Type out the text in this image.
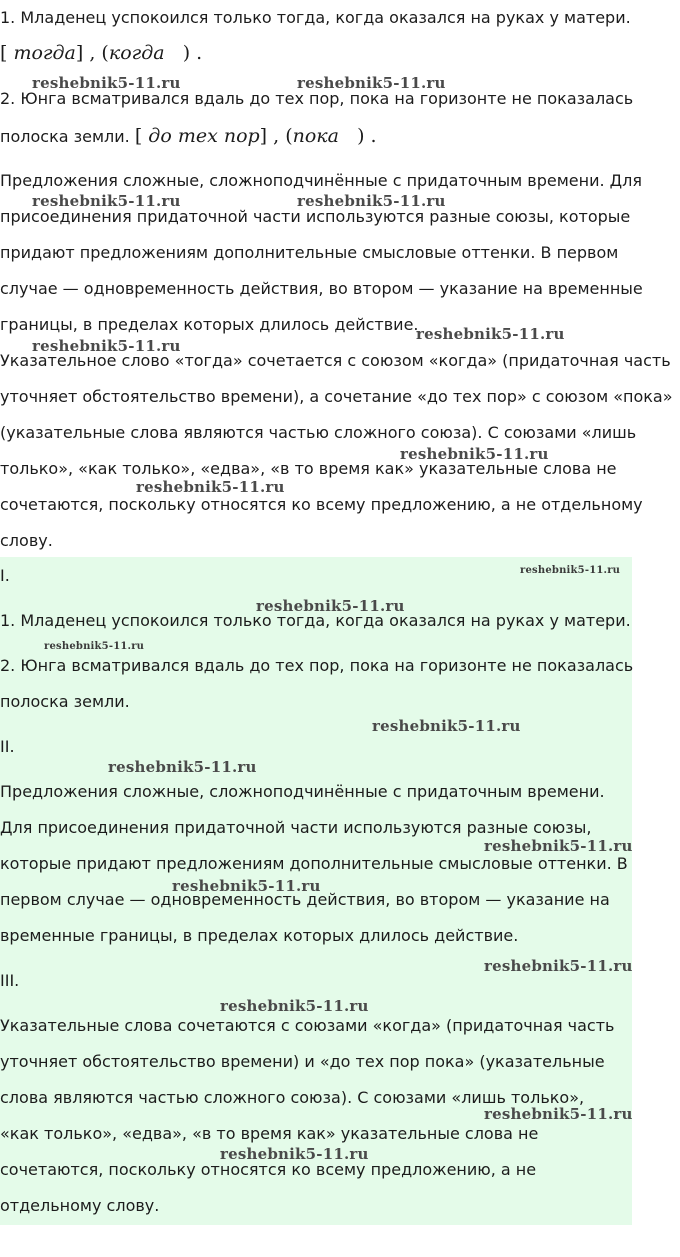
1. Младенец успокоился только тогда, когда оказался на руках у матери.
[ тогда] , (когда   ) .
2. Юнга всматривался вдаль до тех пор, пока на горизонте не показалась
полоска земли. [ до тех пор] , (пока   ) .
Предложения сложные, сложноподчинённые с придаточным времени. Для
присоединения придаточной части используются разные союзы, которые
придают предложениям дополнительные смысловые оттенки. В первом
случае — одновременность действия, во втором — указание на временные
границы, в пределах которых длилось действие.
Указательное слово «тогда» сочетается с союзом «когда» (придаточная часть
уточняет обстоятельство времени), а сочетание «до тех пор» с союзом «пока»
(указательные слова являются частью сложного союза). С союзами «лишь
только», «как только», «едва», «в то время как» указательные слова не
сочетаются, поскольку относятся ко всему предложению, а не отдельному
слову.
I.
1. Младенец успокоился только тогда, когда оказался на руках у матери.
2. Юнга всматривался вдаль до тех пор, пока на горизонте не показалась
полоска земли.
II.
Предложения сложные, сложноподчинённые с придаточным времени.
Для присоединения придаточной части используются разные союзы,
которые придают предложениям дополнительные смысловые оттенки. В
первом случае — одновременность действия, во втором — указание на
временные границы, в пределах которых длилось действие.
III.
Указательные слова сочетаются с союзами «когда» (придаточная часть
уточняет обстоятельство времени) и «до тех пор пока» (указательные
слова являются частью сложного союза). С союзами «лишь только»,
«как только», «едва», «в то время как» указательные слова не
сочетаются, поскольку относятся ко всему предложению, а не
отдельному слову.
reshebnik5-11.ru	reshebnik5-11.ru
reshebnik5-11.ru	reshebnik5-11.ru
reshebnik5-11.ru
reshebnik5-11.ru
reshebnik5-11.ru
reshebnik5-11.ru
reshebnik5-11.ru
reshebnik5-11.ru
reshebnik5-11.ru
reshebnik5-11.ru
reshebnik5-11.ru
reshebnik5-11.ru
reshebnik5-11.ru
reshebnik5-11.ru
reshebnik5-11.ru
reshebnik5-11.ru
reshebnik5-11.ru
